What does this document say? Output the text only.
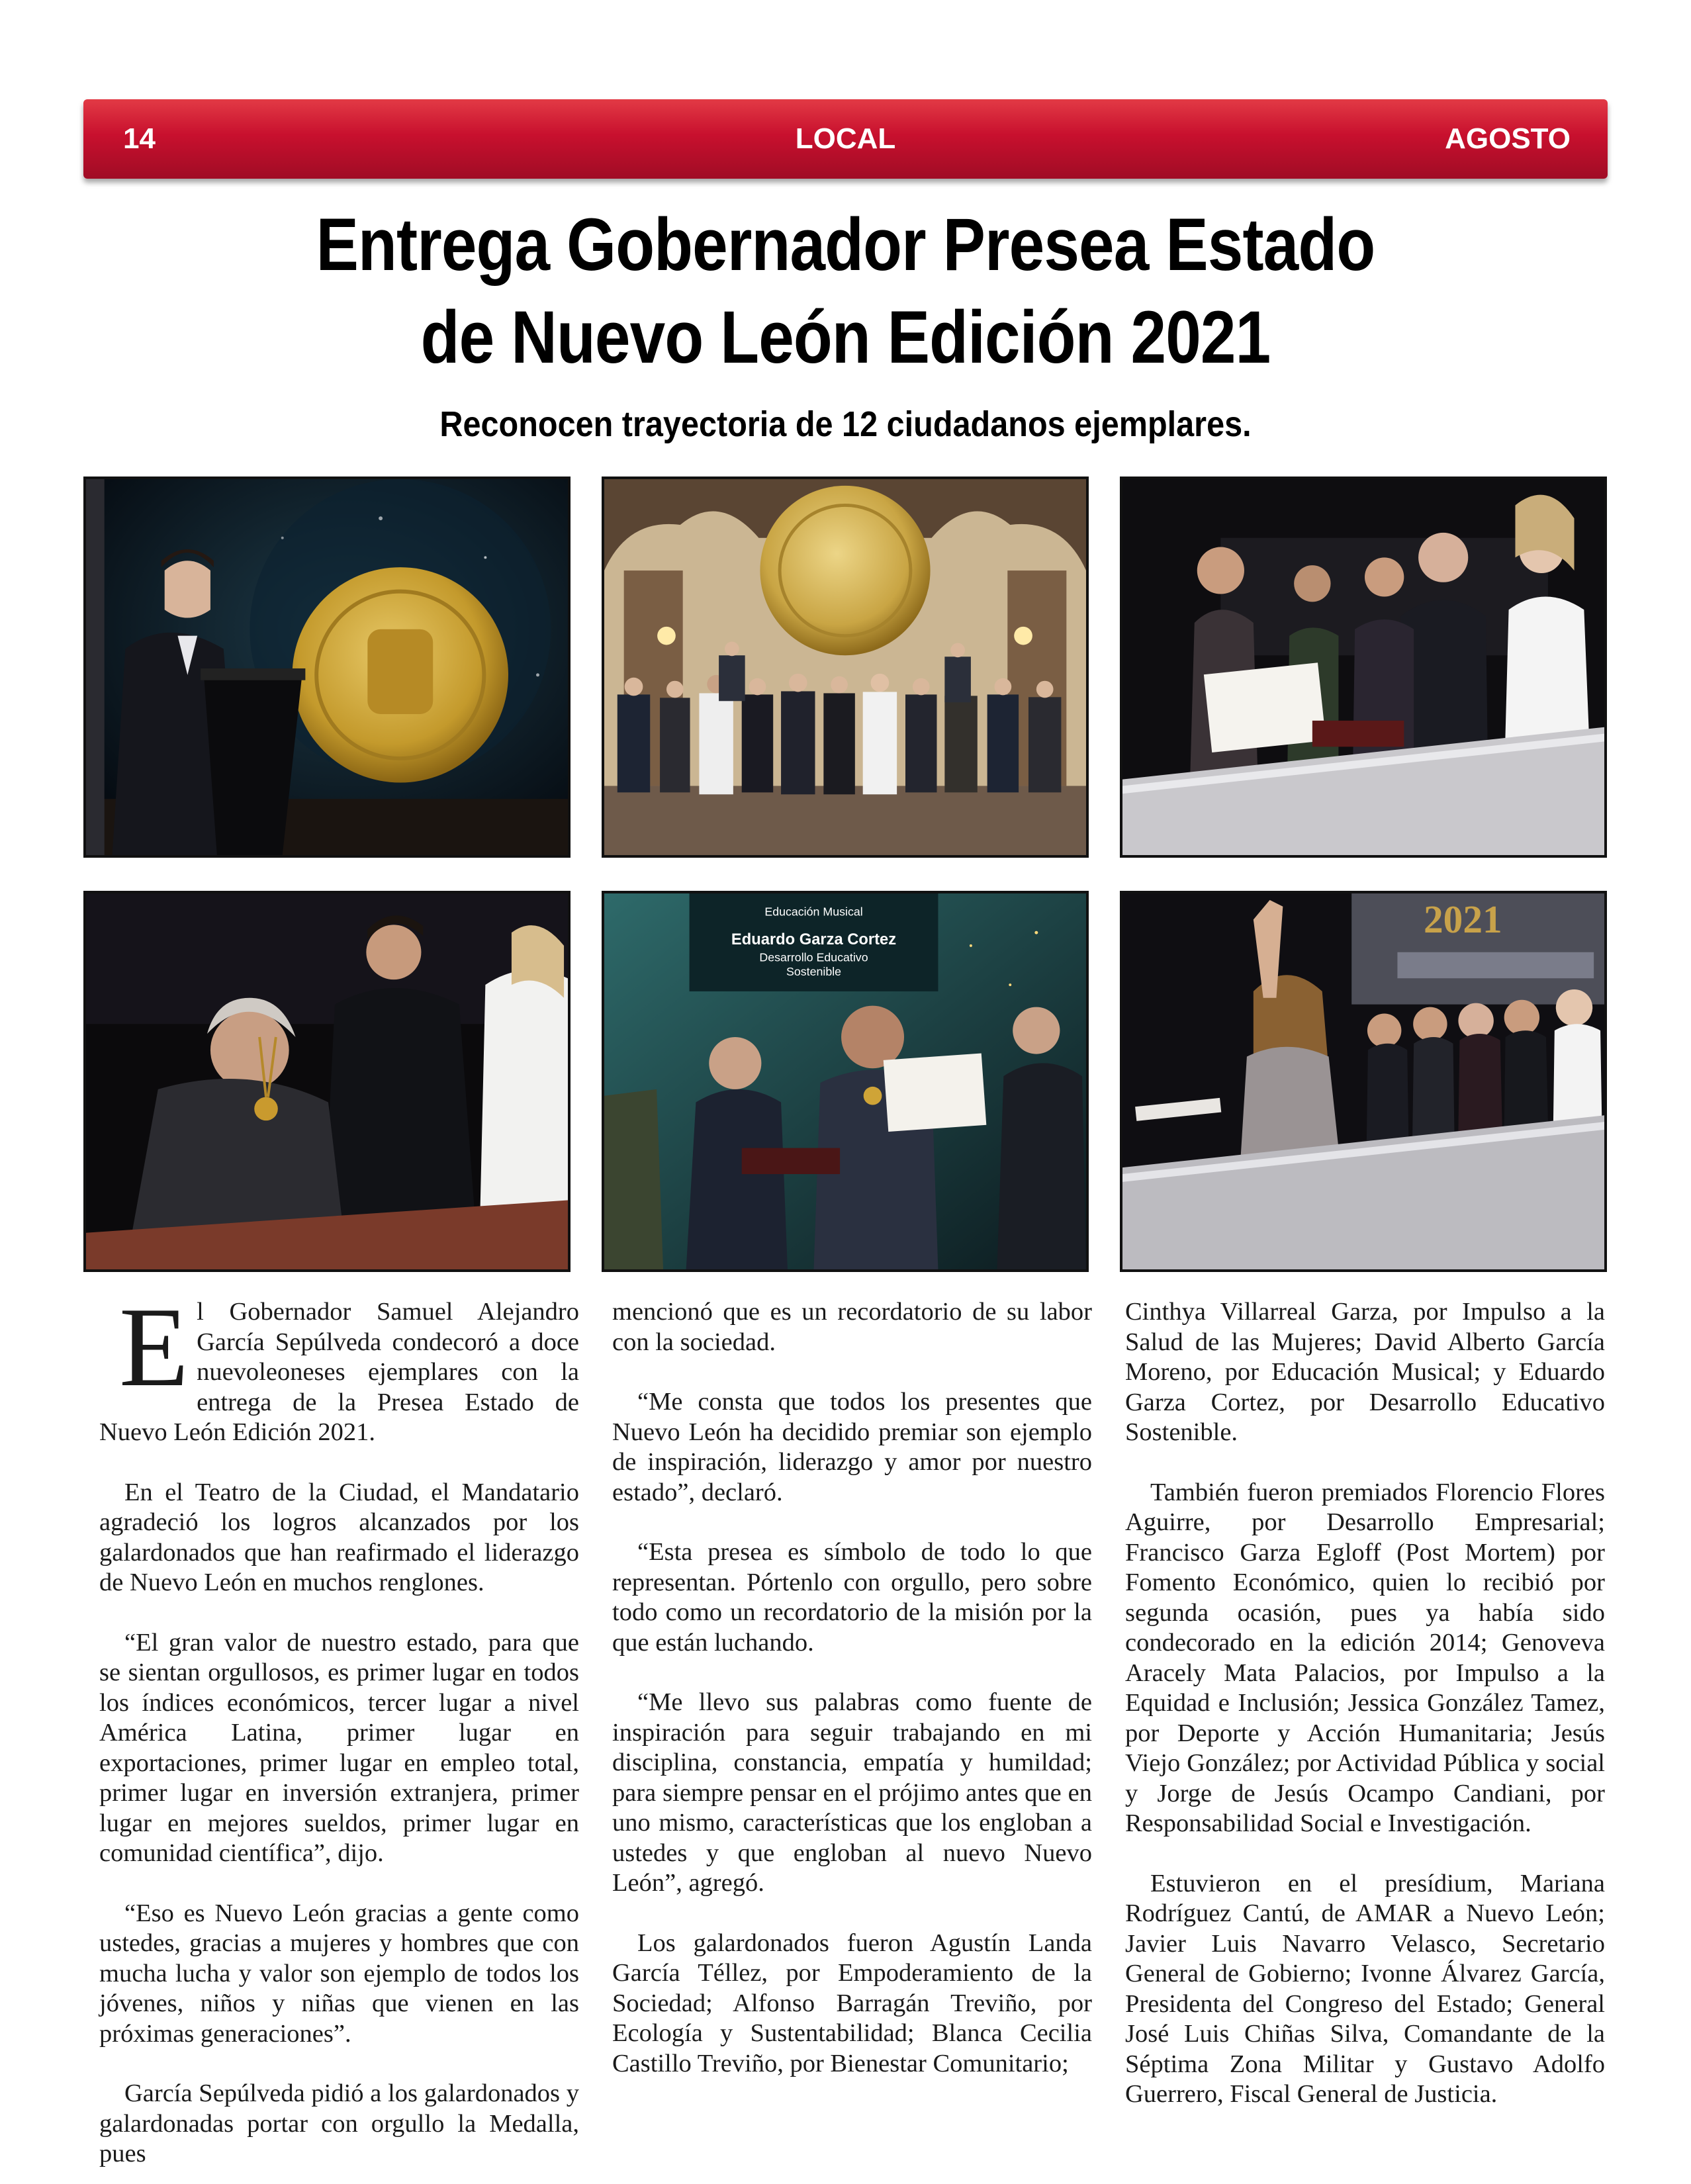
14	LOCAL	AGOSTO
Entrega Gobernador Presea Estado
de Nuevo León Edición 2021
Reconocen trayectoria de 12 ciudadanos ejemplares.
Educación Musical
Eduardo Garza Cortez
Desarrollo Educativo
Sostenible
2021

El Gobernador Samuel Alejandro García Sepúlveda condecoró a doce nuevoleoneses ejemplares con la entrega de la Presea Estado de Nuevo León Edición 2021.

En el Teatro de la Ciudad, el Mandatario agradeció los logros alcanzados por los galardonados que han reafirmado el liderazgo de Nuevo León en muchos renglones.

“El gran valor de nuestro estado, para que se sientan orgullosos, es primer lugar en todos los índices económicos, tercer lugar a nivel América Latina, primer lugar en exportaciones, primer lugar en empleo total, primer lugar en inversión extranjera, primer lugar en mejores sueldos, primer lugar en comunidad científica”, dijo.

“Eso es Nuevo León gracias a gente como ustedes, gracias a mujeres y hombres que con mucha lucha y valor son ejemplo de todos los jóvenes, niños y niñas que vienen en las próximas generaciones”.

García Sepúlveda pidió a los galardonados y galardonadas portar con orgullo la Medalla, pues

mencionó que es un recordatorio de su labor con la sociedad.

“Me consta que todos los presentes que Nuevo León ha decidido premiar son ejemplo de inspiración, liderazgo y amor por nuestro estado”, declaró.

“Esta presea es símbolo de todo lo que representan. Pórtenlo con orgullo, pero sobre todo como un recordatorio de la misión por la que están luchando.

“Me llevo sus palabras como fuente de inspiración para seguir trabajando en mi disciplina, constancia, empatía y humildad; para siempre pensar en el prójimo antes que en uno mismo, características que los engloban a ustedes y que engloban al nuevo Nuevo León”, agregó.

Los galardonados fueron Agustín Landa García Téllez, por Empoderamiento de la Sociedad; Alfonso Barragán Treviño, por Ecología y Sustentabilidad; Blanca Cecilia Castillo Treviño, por Bienestar Comunitario;

Cinthya Villarreal Garza, por Impulso a la Salud de las Mujeres; David Alberto García Moreno, por Educación Musical; y Eduardo Garza Cortez, por Desarrollo Educativo Sostenible.

También fueron premiados Florencio Flores Aguirre, por Desarrollo Empresarial; Francisco Garza Egloff (Post Mortem) por Fomento Económico, quien lo recibió por segunda ocasión, pues ya había sido condecorado en la edición 2014; Genoveva Aracely Mata Palacios, por Impulso a la Equidad e Inclusión; Jessica González Tamez, por Deporte y Acción Humanitaria; Jesús Viejo González; por Actividad Pública y social y Jorge de Jesús Ocampo Candiani, por Responsabilidad Social e Investigación.

Estuvieron en el presídium, Mariana Rodríguez Cantú, de AMAR a Nuevo León; Javier Luis Navarro Velasco, Secretario General de Gobierno; Ivonne Álvarez García, Presidenta del Congreso del Estado; General José Luis Chiñas Silva, Comandante de la Séptima Zona Militar y Gustavo Adolfo Guerrero, Fiscal General de Justicia.
